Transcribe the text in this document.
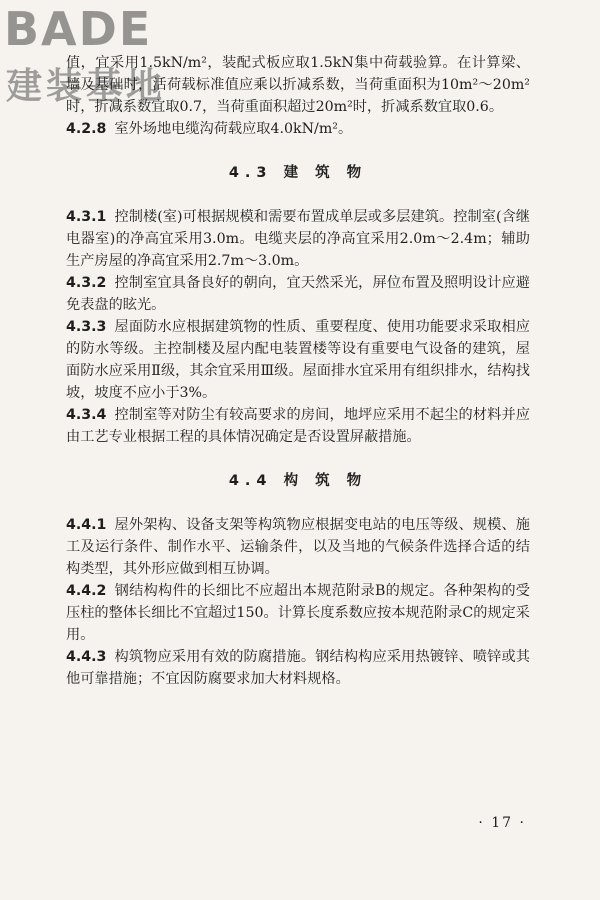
BADE
建装基地

值，宜采用1.5kN/m²，装配式板应取1.5kN集中荷载验算。在计算梁、墙及基础时，活荷载标准值应乘以折减系数，当荷重面积为10m²～20m²时，折减系数宜取0.7，当荷重面积超过20m²时，折减系数宜取0.6。

4.2.8 室外场地电缆沟荷载应取4.0kN/m²。

4.3 建 筑 物

4.3.1 控制楼(室)可根据规模和需要布置成单层或多层建筑。控制室(含继电器室)的净高宜采用3.0m。电缆夹层的净高宜采用2.0m～2.4m；辅助生产房屋的净高宜采用2.7m～3.0m。

4.3.2 控制室宜具备良好的朝向，宜天然采光，屏位布置及照明设计应避免表盘的眩光。

4.3.3 屋面防水应根据建筑物的性质、重要程度、使用功能要求采取相应的防水等级。主控制楼及屋内配电装置楼等设有重要电气设备的建筑，屋面防水应采用Ⅱ级，其余宜采用Ⅲ级。屋面排水宜采用有组织排水，结构找坡，坡度不应小于3%。

4.3.4 控制室等对防尘有较高要求的房间，地坪应采用不起尘的材料并应由工艺专业根据工程的具体情况确定是否设置屏蔽措施。

4.4 构 筑 物

4.4.1 屋外架构、设备支架等构筑物应根据变电站的电压等级、规模、施工及运行条件、制作水平、运输条件，以及当地的气候条件选择合适的结构类型，其外形应做到相互协调。

4.4.2 钢结构构件的长细比不应超出本规范附录B的规定。各种架构的受压柱的整体长细比不宜超过150。计算长度系数应按本规范附录C的规定采用。

4.4.3 构筑物应采用有效的防腐措施。钢结构构应采用热镀锌、喷锌或其他可靠措施；不宜因防腐要求加大材料规格。

· 17 ·
